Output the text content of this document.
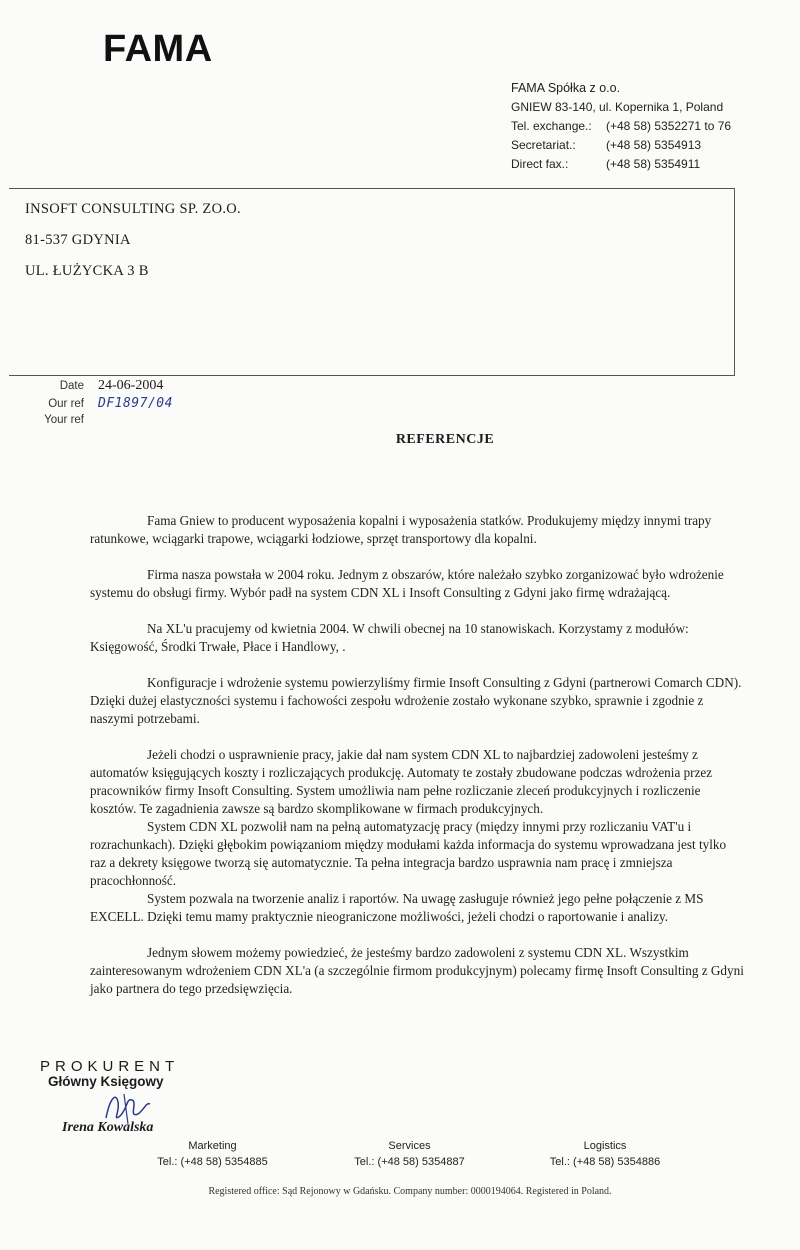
FAMA
FAMA Spółka z o.o.
GNIEW 83-140, ul. Kopernika 1, Poland
Tel. exchange.:	(+48 58) 5352271 to 76
Secretariat.:	(+48 58) 5354913
Direct fax.:	(+48 58) 5354911
INSOFT CONSULTING SP. ZO.O.
81-537 GDYNIA
UL. ŁUŻYCKA 3 B
Date 24-06-2004
Our ref DF1897/04
Your ref
REFERENCJE

Fama Gniew to producent wyposażenia kopalni i wyposażenia statków. Produkujemy między innymi trapy ratunkowe, wciągarki trapowe, wciągarki łodziowe, sprzęt transportowy dla kopalni.

Firma nasza powstała w 2004 roku. Jednym z obszarów, które należało szybko zorganizować było wdrożenie systemu do obsługi firmy. Wybór padł na system CDN XL i Insoft Consulting z Gdyni jako firmę wdrażającą.

Na XL'u pracujemy od kwietnia 2004. W chwili obecnej na 10 stanowiskach. Korzystamy z modułów: Księgowość, Środki Trwałe, Płace i Handlowy, .

Konfiguracje i wdrożenie systemu powierzyliśmy firmie Insoft Consulting z Gdyni (partnerowi Comarch CDN). Dzięki dużej elastyczności systemu i fachowości zespołu wdrożenie zostało wykonane szybko, sprawnie i zgodnie z naszymi potrzebami.

Jeżeli chodzi o usprawnienie pracy, jakie dał nam system CDN XL to najbardziej zadowoleni jesteśmy z automatów księgujących koszty i rozliczających produkcję. Automaty te zostały zbudowane podczas wdrożenia przez pracowników firmy Insoft Consulting. System umożliwia nam pełne rozliczanie zleceń produkcyjnych i rozliczenie kosztów. Te zagadnienia zawsze są bardzo skomplikowane w firmach produkcyjnych.

System CDN XL pozwolił nam na pełną automatyzację pracy (między innymi przy rozliczaniu VAT'u i rozrachunkach). Dzięki głębokim powiązaniom między modułami każda informacja do systemu wprowadzana jest tylko raz a dekrety księgowe tworzą się automatycznie. Ta pełna integracja bardzo usprawnia nam pracę i zmniejsza pracochłonność.

System pozwala na tworzenie analiz i raportów. Na uwagę zasługuje również jego pełne połączenie z MS EXCELL. Dzięki temu mamy praktycznie nieograniczone możliwości, jeżeli chodzi o raportowanie i analizy.

Jednym słowem możemy powiedzieć, że jesteśmy bardzo zadowoleni z systemu CDN XL. Wszystkim zainteresowanym wdrożeniem CDN XL'a (a szczególnie firmom produkcyjnym) polecamy firmę Insoft Consulting z Gdyni jako partnera do tego przedsięwzięcia.

PROKURENT
Główny Księgowy
Irena Kowalska
Marketing
Tel.: (+48 58) 5354885
Services
Tel.: (+48 58) 5354887
Logistics
Tel.: (+48 58) 5354886
Registered office: Sąd Rejonowy w Gdańsku. Company number: 0000194064. Registered in Poland.
